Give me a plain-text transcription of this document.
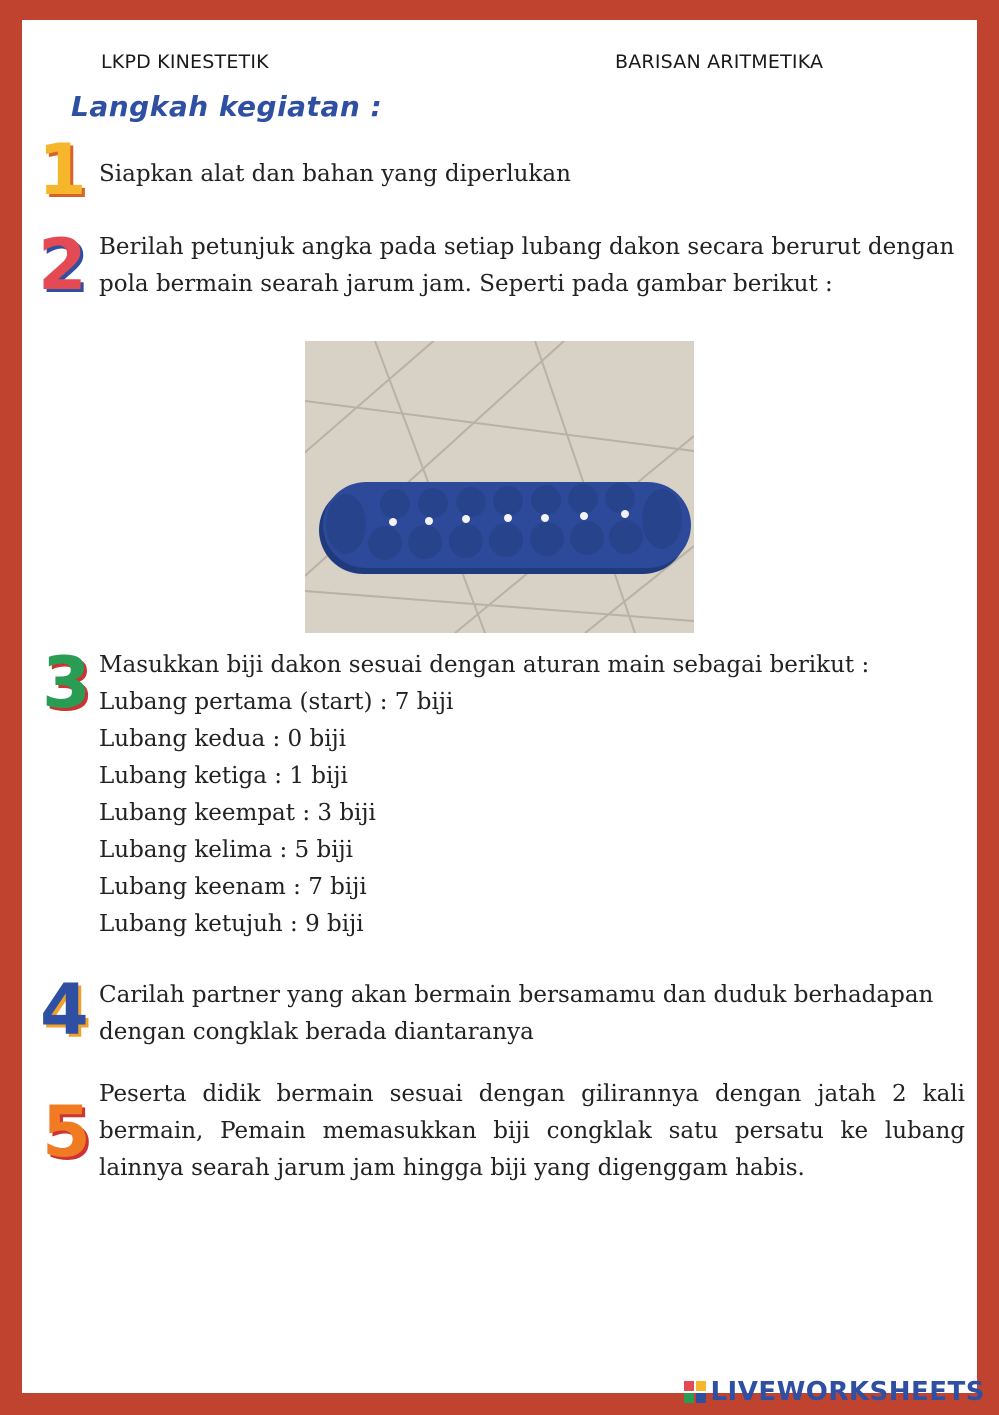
LKPD KINESTETIK	BARISAN ARITMETIKA
Langkah kegiatan :
1 Siapkan alat dan bahan yang diperlukan

2 Berilah petunjuk angka pada setiap lubang dakon secara berurut dengan pola bermain searah jarum jam. Seperti pada gambar berikut :

3 Masukkan biji dakon sesuai dengan aturan main sebagai berikut :
Lubang pertama (start) : 7 biji
Lubang kedua : 0 biji
Lubang ketiga : 1 biji
Lubang keempat : 3 biji
Lubang kelima : 5 biji
Lubang keenam : 7 biji
Lubang ketujuh : 9 biji
4 Carilah partner yang akan bermain bersamamu dan duduk berhadapan dengan congklak berada diantaranya

5 Peserta didik bermain sesuai dengan gilirannya dengan jatah 2 kali bermain, Pemain memasukkan biji congklak satu persatu ke lubang lainnya searah jarum jam hingga biji yang digenggam habis.

LIVEWORKSHEETS
